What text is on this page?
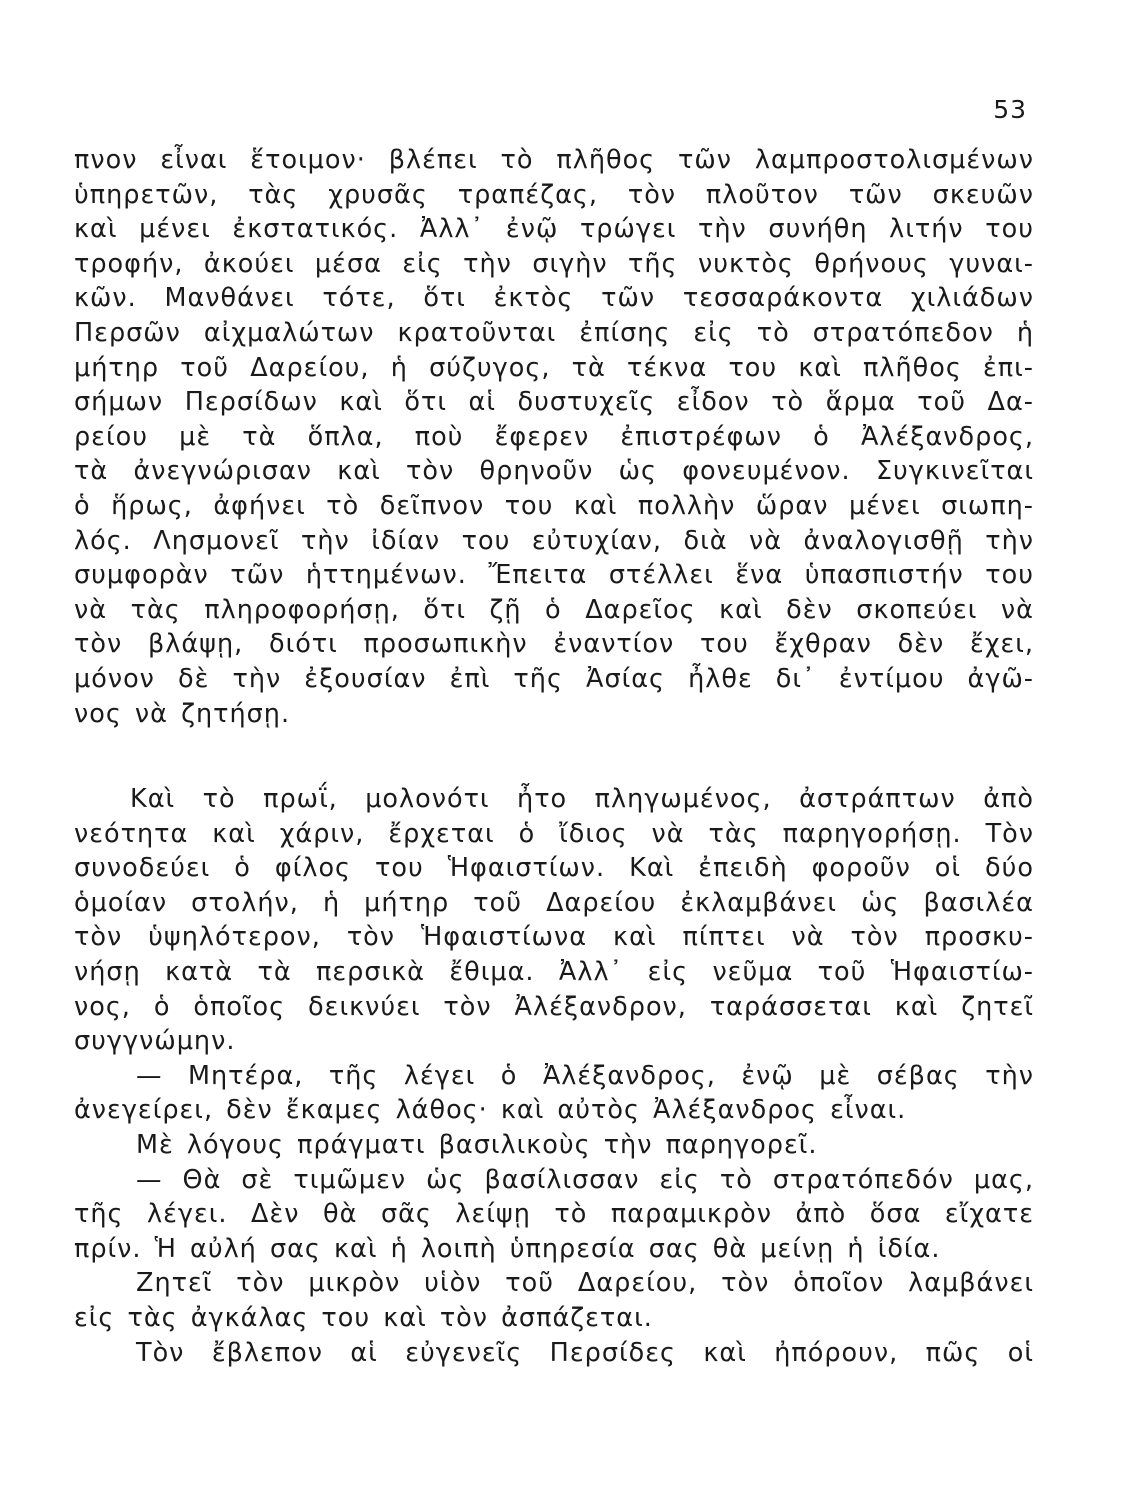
53
πνον εἶναι ἕτοιμον· βλέπει τὸ πλῆθος τῶν λαμπροστολισμένων
ὑπηρετῶν, τὰς χρυσᾶς τραπέζας, τὸν πλοῦτον τῶν σκευῶν
καὶ μένει ἐκστατικός. Ἀλλ᾿ ἐνῷ τρώγει τὴν συνήθη λιτήν του
τροφήν, ἀκούει μέσα εἰς τὴν σιγὴν τῆς νυκτὸς θρήνους γυναι-
κῶν. Μανθάνει τότε, ὅτι ἐκτὸς τῶν τεσσαράκοντα χιλιάδων
Περσῶν αἰχμαλώτων κρατοῦνται ἐπίσης εἰς τὸ στρατόπεδον ἡ
μήτηρ τοῦ Δαρείου, ἡ σύζυγος, τὰ τέκνα του καὶ πλῆθος ἐπι-
σήμων Περσίδων καὶ ὅτι αἱ δυστυχεῖς εἶδον τὸ ἅρμα τοῦ Δα-
ρείου μὲ τὰ ὅπλα, ποὺ ἔφερεν ἐπιστρέφων ὁ Ἀλέξανδρος,
τὰ ἀνεγνώρισαν καὶ τὸν θρηνοῦν ὡς φονευμένον. Συγκινεῖται
ὁ ἥρως, ἀφήνει τὸ δεῖπνον του καὶ πολλὴν ὥραν μένει σιωπη-
λός. Λησμονεῖ τὴν ἰδίαν του εὐτυχίαν, διὰ νὰ ἀναλογισθῇ τὴν
συμφορὰν τῶν ἡττημένων. Ἔπειτα στέλλει ἕνα ὑπασπιστήν του
νὰ τὰς πληροφορήσῃ, ὅτι ζῇ ὁ Δαρεῖος καὶ δὲν σκοπεύει νὰ
τὸν βλάψῃ, διότι προσωπικὴν ἐναντίον του ἔχθραν δὲν ἔχει,
μόνον δὲ τὴν ἐξουσίαν ἐπὶ τῆς Ἀσίας ἦλθε δι᾿ ἐντίμου ἀγῶ-
νος νὰ ζητήσῃ.
Καὶ τὸ πρωΐ, μολονότι ἦτο πληγωμένος, ἀστράπτων ἀπὸ
νεότητα καὶ χάριν, ἔρχεται ὁ ἴδιος νὰ τὰς παρηγορήσῃ. Τὸν
συνοδεύει ὁ φίλος του Ἡφαιστίων. Καὶ ἐπειδὴ φοροῦν οἱ δύο
ὁμοίαν στολήν, ἡ μήτηρ τοῦ Δαρείου ἐκλαμβάνει ὡς βασιλέα
τὸν ὑψηλότερον, τὸν Ἡφαιστίωνα καὶ πίπτει νὰ τὸν προσκυ-
νήσῃ κατὰ τὰ περσικὰ ἔθιμα. Ἀλλ᾿ εἰς νεῦμα τοῦ Ἡφαιστίω-
νος, ὁ ὁποῖος δεικνύει τὸν Ἀλέξανδρον, ταράσσεται καὶ ζητεῖ
συγγνώμην.
— Μητέρα, τῆς λέγει ὁ Ἀλέξανδρος, ἐνῷ μὲ σέβας τὴν
ἀνεγείρει, δὲν ἔκαμες λάθος· καὶ αὐτὸς Ἀλέξανδρος εἶναι.
Μὲ λόγους πράγματι βασιλικοὺς τὴν παρηγορεῖ.
— Θὰ σὲ τιμῶμεν ὡς βασίλισσαν εἰς τὸ στρατόπεδόν μας,
τῆς λέγει. Δὲν θὰ σᾶς λείψῃ τὸ παραμικρὸν ἀπὸ ὅσα εἴχατε
πρίν. Ἡ αὐλή σας καὶ ἡ λοιπὴ ὑπηρεσία σας θὰ μείνῃ ἡ ἰδία.
Ζητεῖ τὸν μικρὸν υἱὸν τοῦ Δαρείου, τὸν ὁποῖον λαμβάνει
εἰς τὰς ἀγκάλας του καὶ τὸν ἀσπάζεται.
Τὸν ἔβλεπον αἱ εὐγενεῖς Περσίδες καὶ ἠπόρουν, πῶς οἱ
